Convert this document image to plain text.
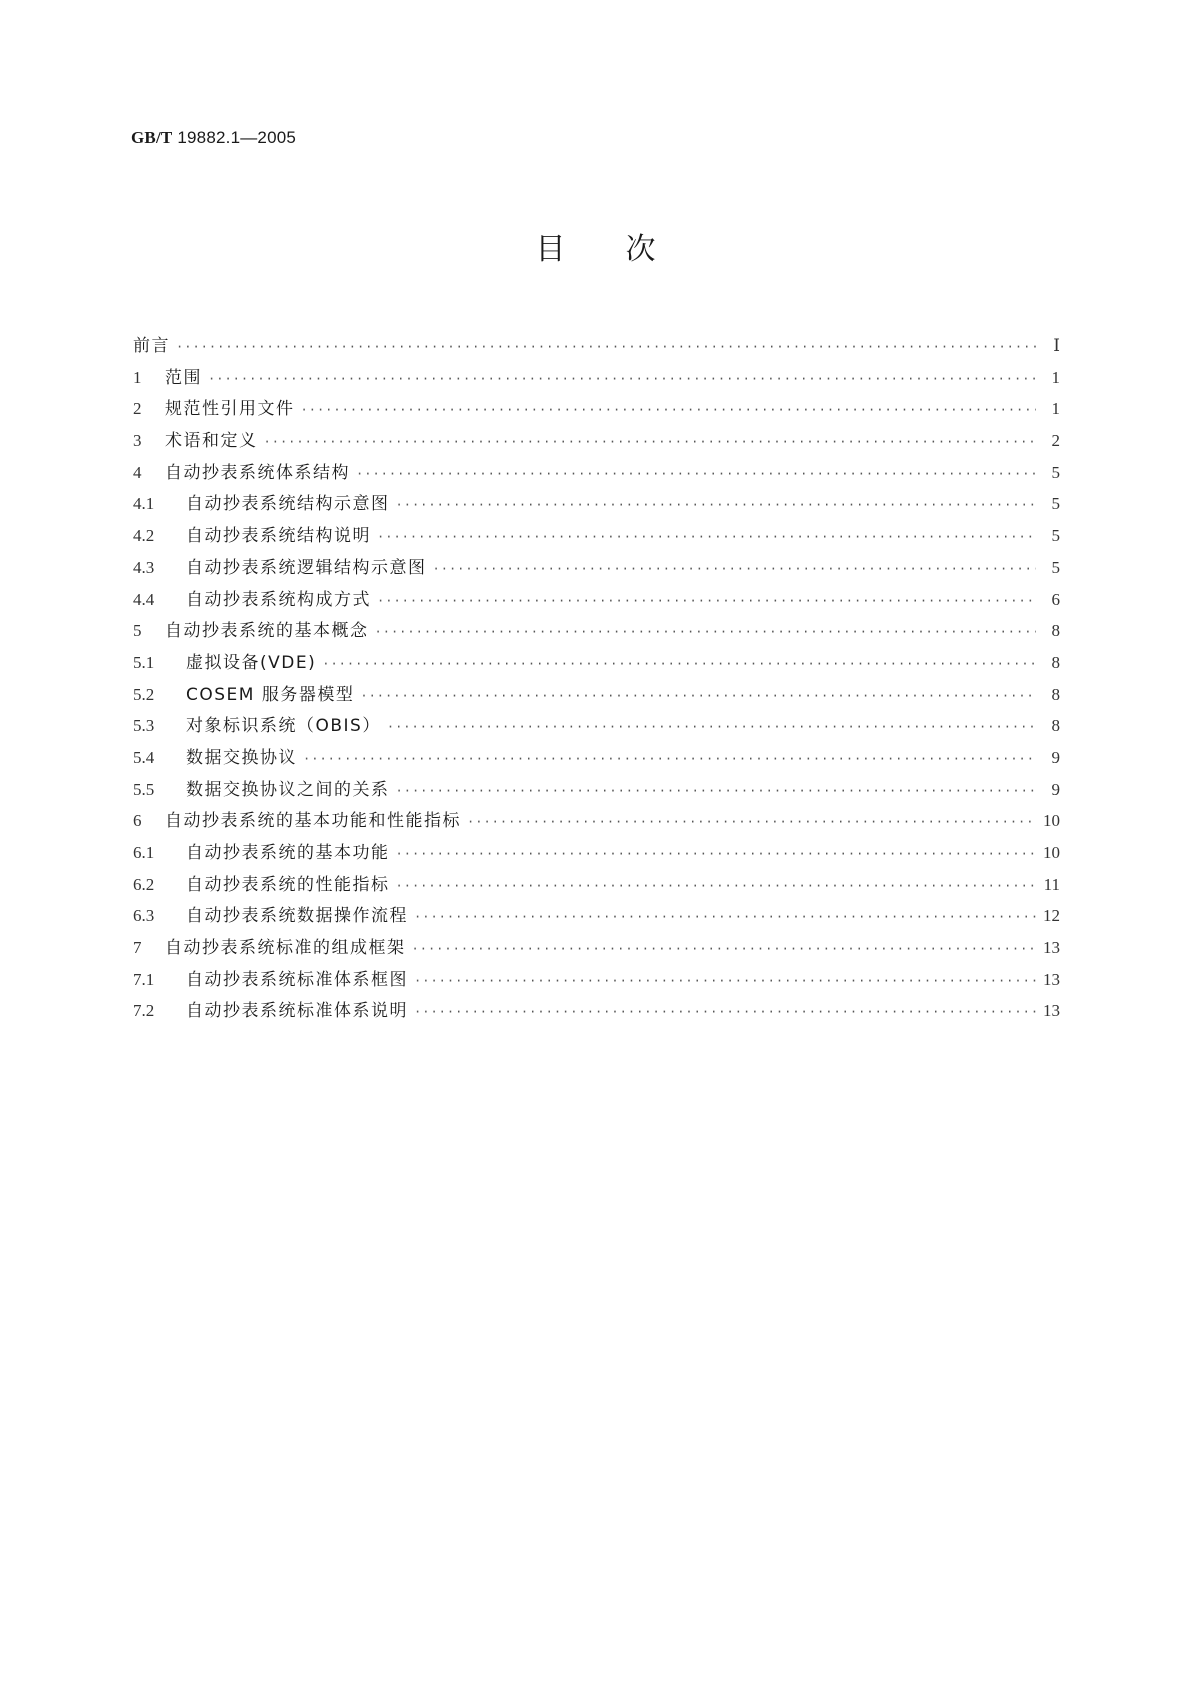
GB/T 19882.1—2005
目次
前言 ·····	Ⅰ
1	范围 ·····	1
2	规范性引用文件 ·····	1
3	术语和定义 ·····	2
4	自动抄表系统体系结构 ·····	5
4.1	自动抄表系统结构示意图 ·····	5
4.2	自动抄表系统结构说明 ·····	5
4.3	自动抄表系统逻辑结构示意图 ·····	5
4.4	自动抄表系统构成方式 ·····	6
5	自动抄表系统的基本概念 ·····	8
5.1	虚拟设备(VDE) ·····	8
5.2	COSEM 服务器模型 ·····	8
5.3	对象标识系统（OBIS） ·····	8
5.4	数据交换协议 ·····	9
5.5	数据交换协议之间的关系 ·····	9
6	自动抄表系统的基本功能和性能指标 ·····	10
6.1	自动抄表系统的基本功能 ·····	10
6.2	自动抄表系统的性能指标 ·····	11
6.3	自动抄表系统数据操作流程 ·····	12
7	自动抄表系统标准的组成框架 ·····	13
7.1	自动抄表系统标准体系框图 ·····	13
7.2	自动抄表系统标准体系说明 ·····	13
